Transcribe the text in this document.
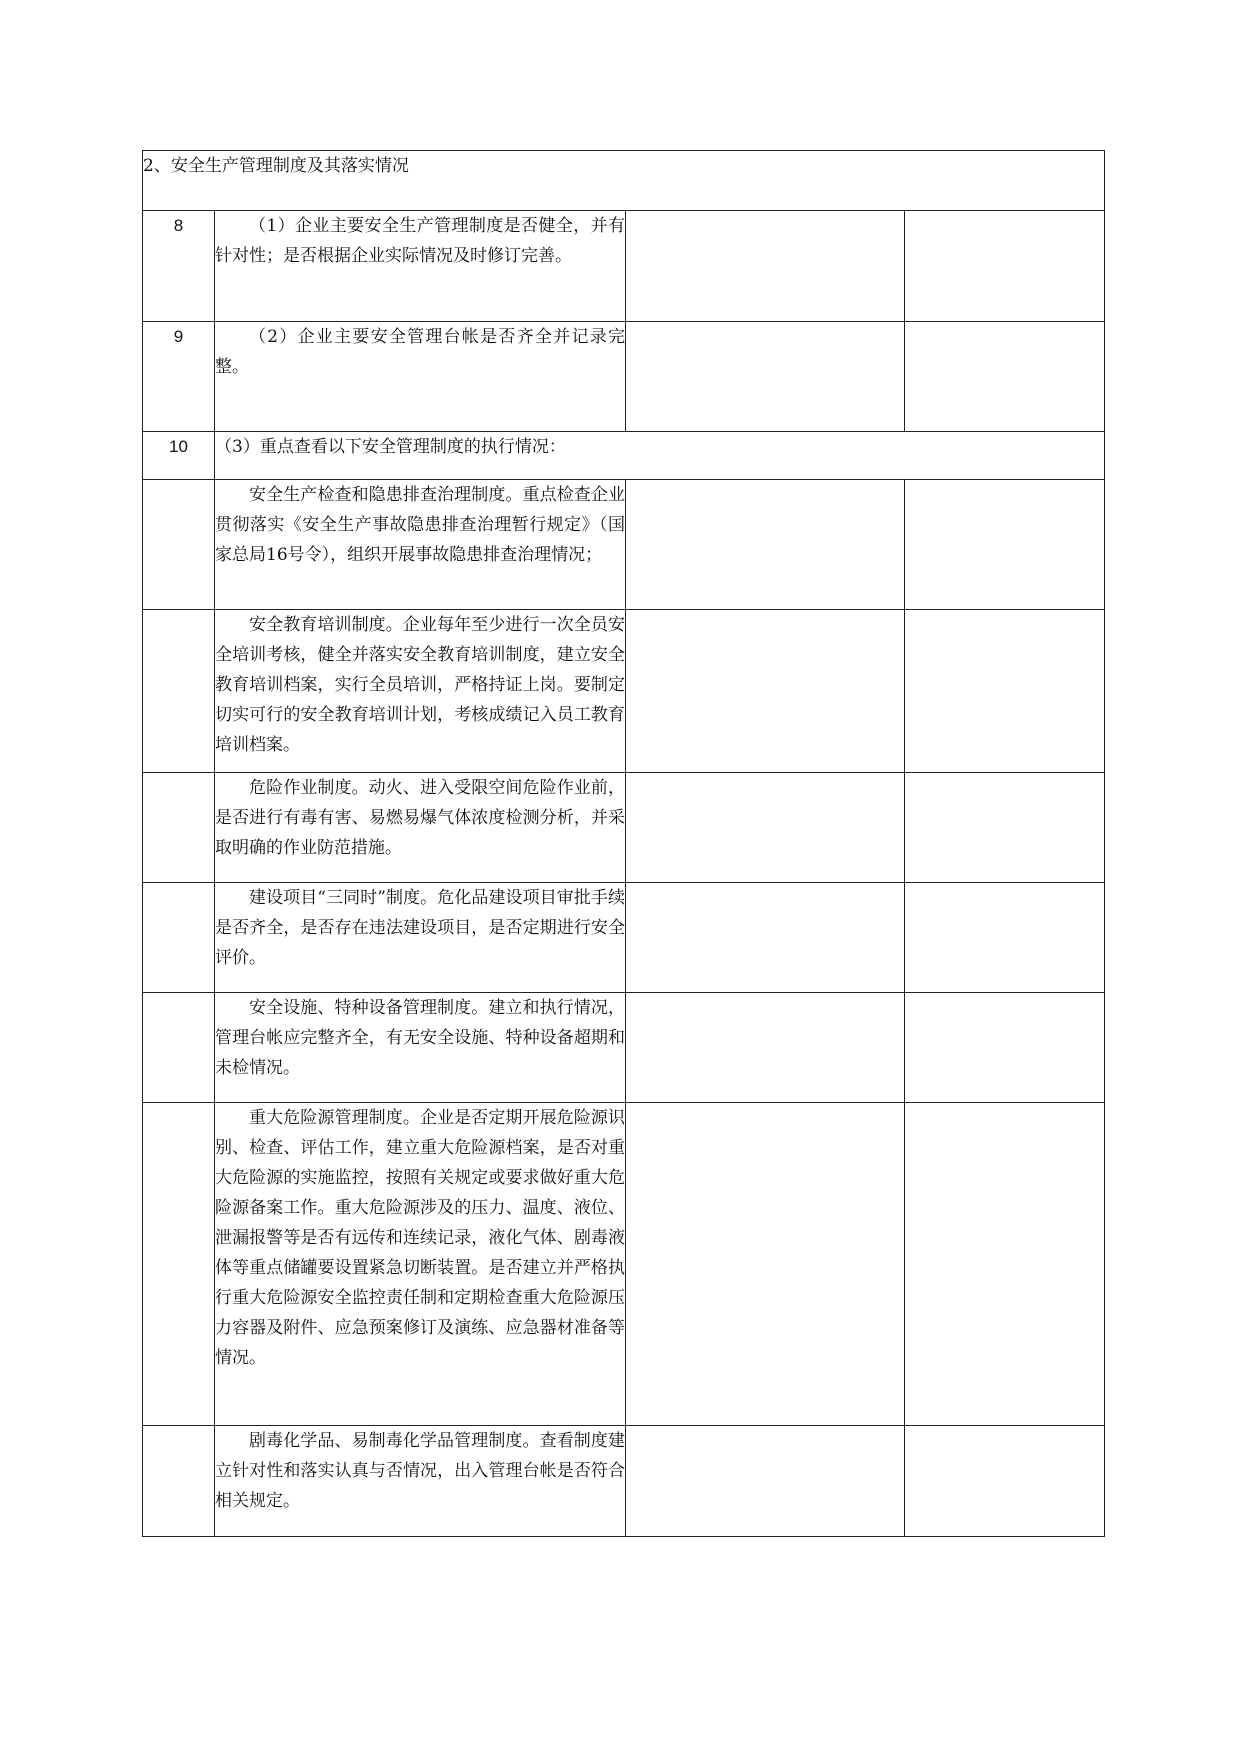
2、安全生产管理制度及其落实情况			
8	（1）企业主要安全生产管理制度是否健全，并有针对性；是否根据企业实际情况及时修订完善。		

9	（2）企业主要安全管理台帐是否齐全并记录完整。		

10	（3）重点查看以下安全管理制度的执行情况：		

	安全生产检查和隐患排查治理制度。重点检查企业贯彻落实《安全生产事故隐患排查治理暂行规定》（国家总局16号令），组织开展事故隐患排查治理情况；		

	安全教育培训制度。企业每年至少进行一次全员安全培训考核，健全并落实安全教育培训制度，建立安全教育培训档案，实行全员培训，严格持证上岗。要制定切实可行的安全教育培训计划，考核成绩记入员工教育培训档案。		

	危险作业制度。动火、进入受限空间危险作业前，是否进行有毒有害、易燃易爆气体浓度检测分析，并采取明确的作业防范措施。		

	建设项目“三同时”制度。危化品建设项目审批手续是否齐全，是否存在违法建设项目，是否定期进行安全评价。		

	安全设施、特种设备管理制度。建立和执行情况，管理台帐应完整齐全，有无安全设施、特种设备超期和未检情况。		

	重大危险源管理制度。企业是否定期开展危险源识别、检查、评估工作，建立重大危险源档案，是否对重大危险源的实施监控，按照有关规定或要求做好重大危险源备案工作。重大危险源涉及的压力、温度、液位、泄漏报警等是否有远传和连续记录，液化气体、剧毒液体等重点储罐要设置紧急切断装置。是否建立并严格执行重大危险源安全监控责任制和定期检查重大危险源压力容器及附件、应急预案修订及演练、应急器材准备等情况。		

	剧毒化学品、易制毒化学品管理制度。查看制度建立针对性和落实认真与否情况，出入管理台帐是否符合相关规定。		
